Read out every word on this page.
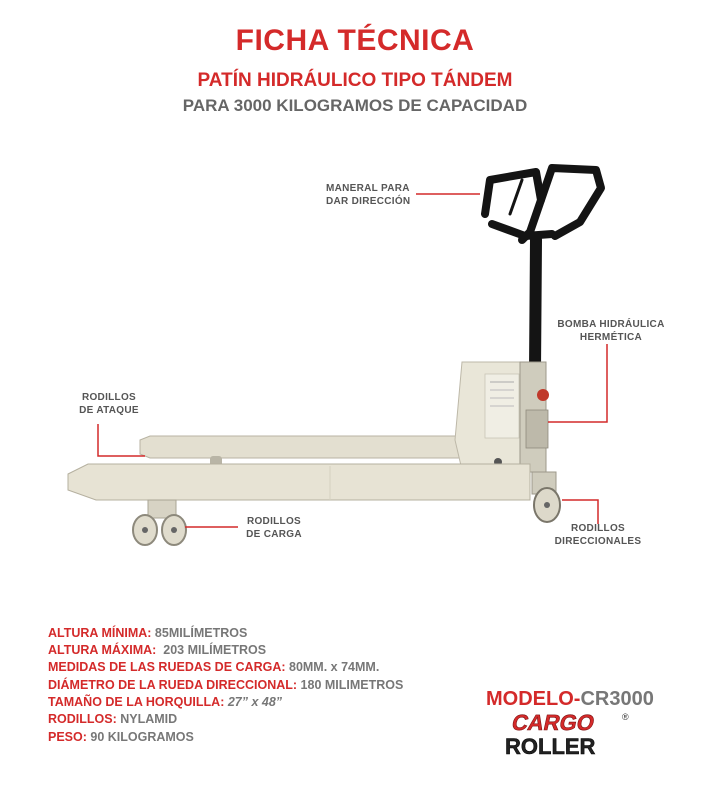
FICHA TÉCNICA
PATÍN HIDRÁULICO TIPO TÁNDEM
PARA 3000 KILOGRAMOS DE CAPACIDAD
MANERAL PARA
DAR DIRECCIÓN
BOMBA HIDRÁULICA
HERMÉTICA
RODILLOS
DE ATAQUE
RODILLOS
DE CARGA
RODILLOS
DIRECCIONALES
ALTURA MÍNIMA: 85MILÍMETROS
ALTURA MÁXIMA:  203 MILÍMETROS
MEDIDAS DE LAS RUEDAS DE CARGA: 80MM. x 74MM.
DIÁMETRO DE LA RUEDA DIRECCIONAL: 180 MILIMETROS
TAMAÑO DE LA HORQUILLA: 27” x 48”
RODILLOS: NYLAMID
PESO: 90 KILOGRAMOS
MODELO-CR3000
CARGO	®
ROLLER
